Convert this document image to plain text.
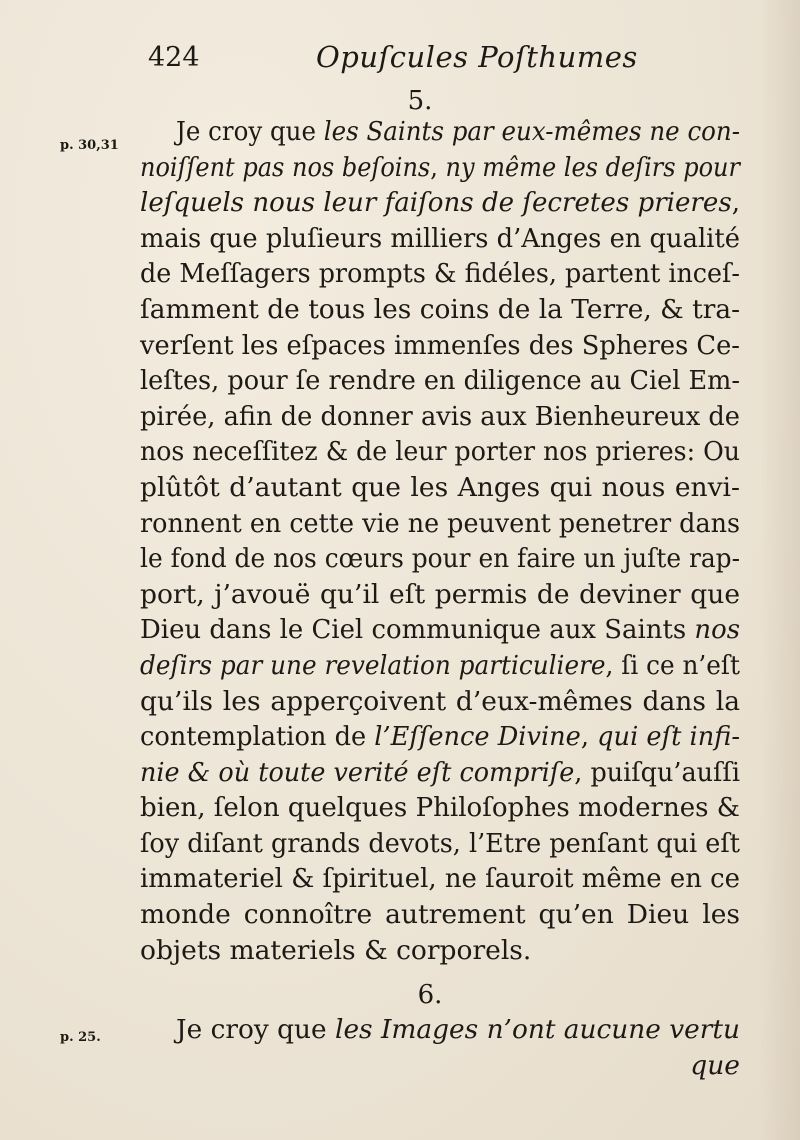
424	Opuſcules Poſthumes
5.
p. 30,31 Je croy que les Saints par eux-mêmes ne con-
noiſſent pas nos beſoins, ny même les deſirs pour
leſquels nous leur faiſons de ſecretes prieres,
mais que pluſieurs milliers d’Anges en qualité
de Meſſagers prompts & fidéles, partent inceſ-
ſamment de tous les coins de la Terre, & tra-
verſent les eſpaces immenſes des Spheres Ce-
leſtes, pour ſe rendre en diligence au Ciel Em-
pirée, afin de donner avis aux Bienheureux de
nos neceſſitez & de leur porter nos prieres: Ou
plûtôt d’autant que les Anges qui nous envi-
ronnent en cette vie ne peuvent penetrer dans
le fond de nos cœurs pour en faire un juſte rap-
port, j’avouë qu’il eſt permis de deviner que
Dieu dans le Ciel communique aux Saints nos
deſirs par une revelation particuliere, ſi ce n’eſt
qu’ils les apperçoivent d’eux-mêmes dans la
contemplation de l’Eſſence Divine, qui eſt infi-
nie & où toute verité eſt compriſe, puiſqu’auſſi
bien, ſelon quelques Philoſophes modernes &
ſoy diſant grands devots, l’Etre penſant qui eſt
immateriel & ſpirituel, ne ſauroit même en ce
monde connoître autrement qu’en Dieu les
objets materiels & corporels.
6.
p. 25.	Je croy que les Images n’ont aucune vertu
que
